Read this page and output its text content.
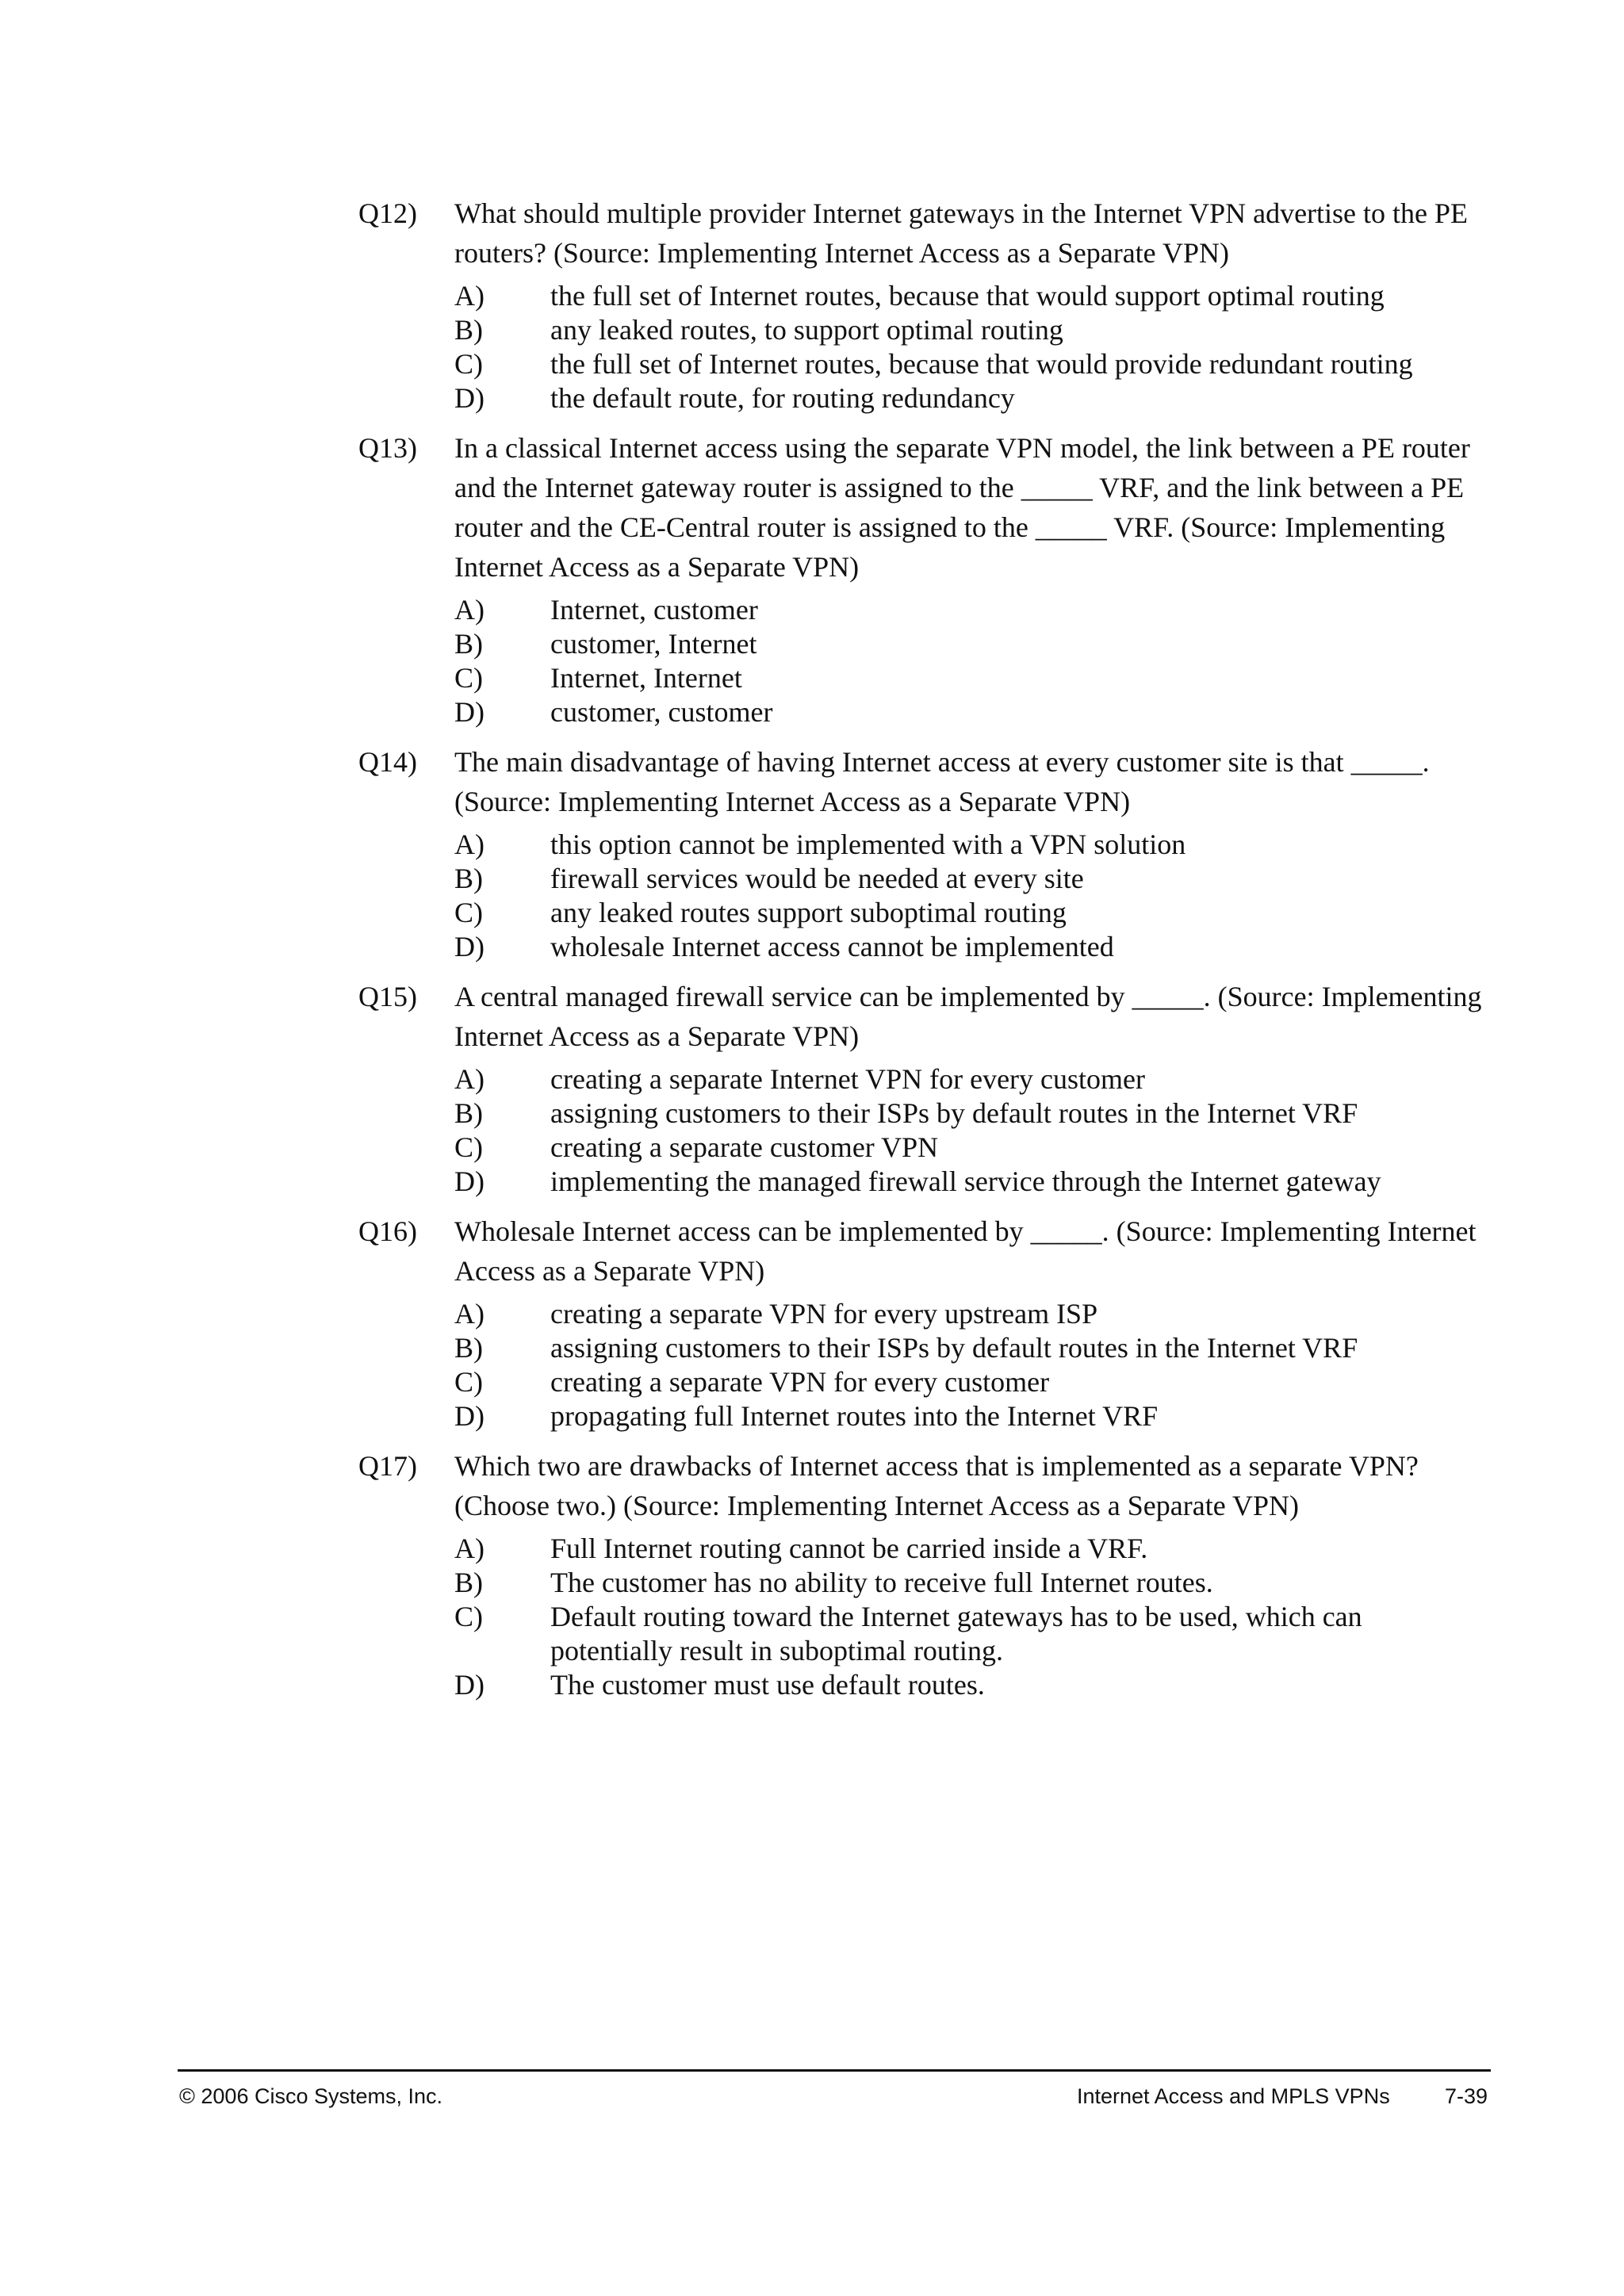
Q12) What should multiple provider Internet gateways in the Internet VPN advertise to the PE routers? (Source: Implementing Internet Access as a Separate VPN)
A)	the full set of Internet routes, because that would support optimal routing
B)	any leaked routes, to support optimal routing
C)	the full set of Internet routes, because that would provide redundant routing
D)	the default route, for routing redundancy
Q13) In a classical Internet access using the separate VPN model, the link between a PE router and the Internet gateway router is assigned to the _____ VRF, and the link between a PE router and the CE-Central router is assigned to the _____ VRF. (Source: Implementing Internet Access as a Separate VPN)
A)	Internet, customer
B)	customer, Internet
C)	Internet, Internet
D)	customer, customer
Q14) The main disadvantage of having Internet access at every customer site is that _____. (Source: Implementing Internet Access as a Separate VPN)
A)	this option cannot be implemented with a VPN solution
B)	firewall services would be needed at every site
C)	any leaked routes support suboptimal routing
D)	wholesale Internet access cannot be implemented
Q15) A central managed firewall service can be implemented by _____. (Source: Implementing Internet Access as a Separate VPN)
A)	creating a separate Internet VPN for every customer
B)	assigning customers to their ISPs by default routes in the Internet VRF
C)	creating a separate customer VPN
D)	implementing the managed firewall service through the Internet gateway
Q16) Wholesale Internet access can be implemented by _____. (Source: Implementing Internet Access as a Separate VPN)
A)	creating a separate VPN for every upstream ISP
B)	assigning customers to their ISPs by default routes in the Internet VRF
C)	creating a separate VPN for every customer
D)	propagating full Internet routes into the Internet VRF
Q17) Which two are drawbacks of Internet access that is implemented as a separate VPN? (Choose two.) (Source: Implementing Internet Access as a Separate VPN)
A)	Full Internet routing cannot be carried inside a VRF.
B)	The customer has no ability to receive full Internet routes.
C)	Default routing toward the Internet gateways has to be used, which can potentially result in suboptimal routing.
D)	The customer must use default routes.
© 2006 Cisco Systems, Inc.	Internet Access and MPLS VPNs	7-39
